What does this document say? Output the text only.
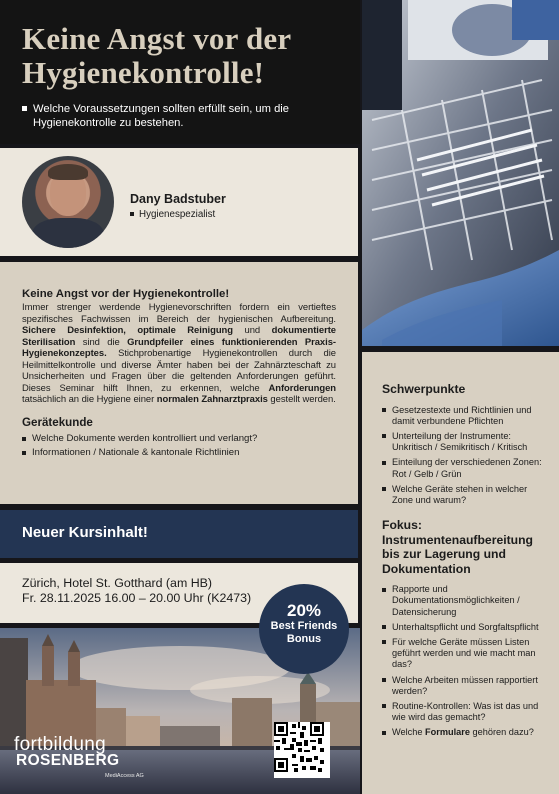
Keine Angst vor der Hygienekontrolle!
Welche Voraussetzungen sollten erfüllt sein, um die Hygienekontrolle zu bestehen.
Dany Badstuber
Hygienespezialist
Keine Angst vor der Hygienekontrolle!

Immer strenger werdende Hygienevorschriften fordern ein vertieftes spezifisches Fachwissen im Bereich der hygienischen Aufbereitung. Sichere Desinfektion, optimale Reinigung und dokumentierte Sterilisation sind die Grundpfeiler eines funktionierenden Praxis-Hygienekonzeptes. Stichprobenartige Hygienekontrollen durch die Heilmittelkontrolle und diverse Ämter haben bei der Zahnärzteschaft zu Unsicherheiten und Fragen über die geltenden Anforderungen geführt. Dieses Seminar hilft Ihnen, zu erkennen, welche Anforderungen tatsächlich an die Hygiene einer normalen Zahnarztpraxis gestellt werden.

Gerätekunde
Welche Dokumente werden kontrolliert und verlangt?
Informationen / Nationale & kantonale Richtlinien
Neuer Kursinhalt!
Zürich, Hotel St. Gotthard (am HB)
Fr. 28.11.2025 16.00 – 20.00 Uhr (K2473)
fortbildung
ROSENBERG
MediAccess AG
20%
Best Friends
Bonus
Schwerpunkte
Gesetzestexte und Richtlinien und damit verbundene Pflichten
Unterteilung der Instrumente: Unkritisch / Semikritisch / Kritisch
Einteilung der verschiedenen Zonen: Rot / Gelb / Grün
Welche Geräte stehen in welcher Zone und warum?
Fokus: Instrumentenaufbereitung bis zur Lagerung und Dokumentation
Rapporte und Dokumentationsmöglichkeiten / Datensicherung
Unterhaltspflicht und Sorgfaltspflicht
Für welche Geräte müssen Listen geführt werden und wie macht man das?
Welche Arbeiten müssen rapportiert werden?
Routine-Kontrollen: Was ist das und wie wird das gemacht?
Welche Formulare gehören dazu?
